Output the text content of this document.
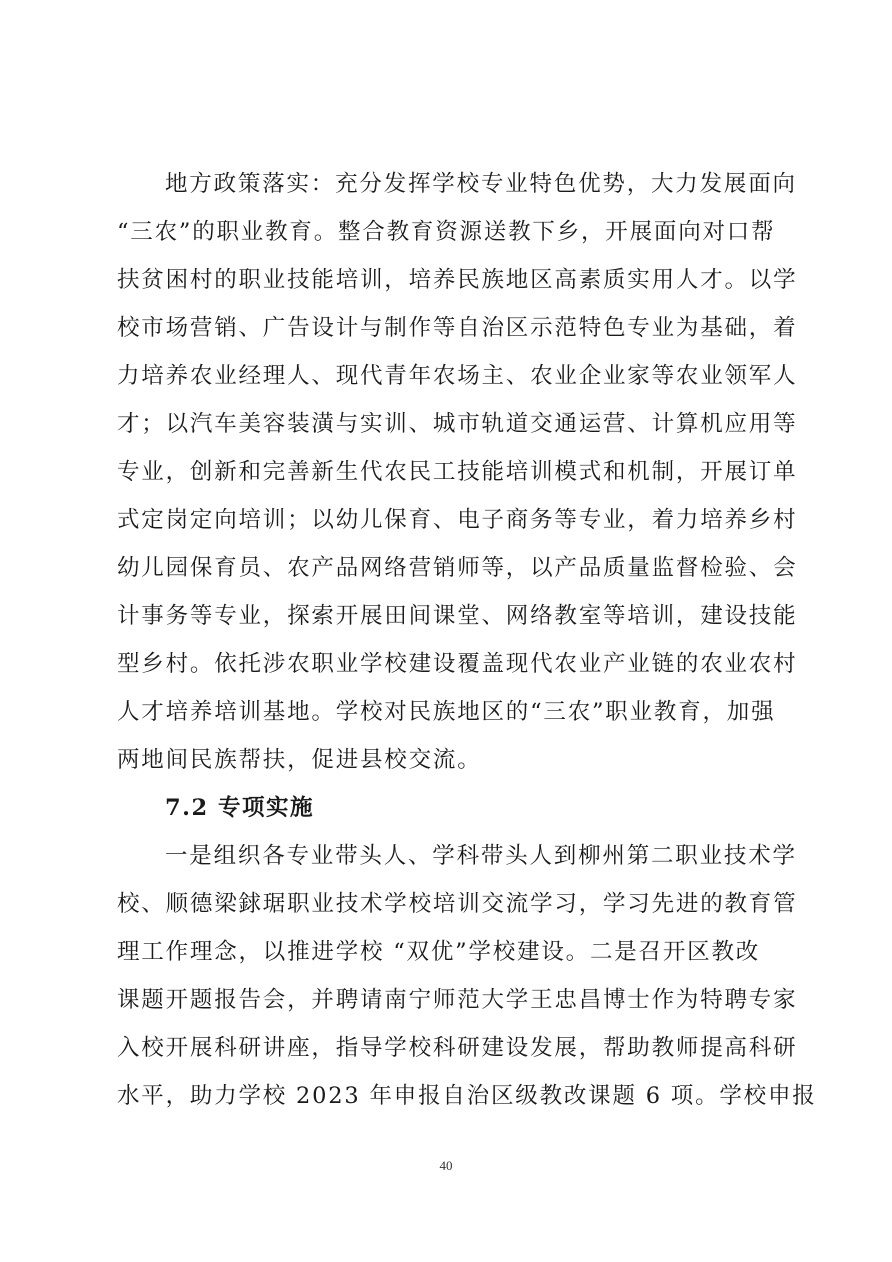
地方政策落实：充分发挥学校专业特色优势，大力发展面向
“三农”的职业教育。整合教育资源送教下乡，开展面向对口帮
扶贫困村的职业技能培训，培养民族地区高素质实用人才。以学
校市场营销、广告设计与制作等自治区示范特色专业为基础，着
力培养农业经理人、现代青年农场主、农业企业家等农业领军人
才；以汽车美容装潢与实训、城市轨道交通运营、计算机应用等
专业，创新和完善新生代农民工技能培训模式和机制，开展订单
式定岗定向培训；以幼儿保育、电子商务等专业，着力培养乡村
幼儿园保育员、农产品网络营销师等，以产品质量监督检验、会
计事务等专业，探索开展田间课堂、网络教室等培训，建设技能
型乡村。依托涉农职业学校建设覆盖现代农业产业链的农业农村
人才培养培训基地。学校对民族地区的“三农”职业教育，加强
两地间民族帮扶，促进县校交流。
7.2 专项实施
一是组织各专业带头人、学科带头人到柳州第二职业技术学
校、顺德梁銶琚职业技术学校培训交流学习，学习先进的教育管
理工作理念，以推进学校 “双优”学校建设。二是召开区教改
课题开题报告会，并聘请南宁师范大学王忠昌博士作为特聘专家
入校开展科研讲座，指导学校科研建设发展，帮助教师提高科研
水平，助力学校 2023 年申报自治区级教改课题 6 项。学校申报
40
